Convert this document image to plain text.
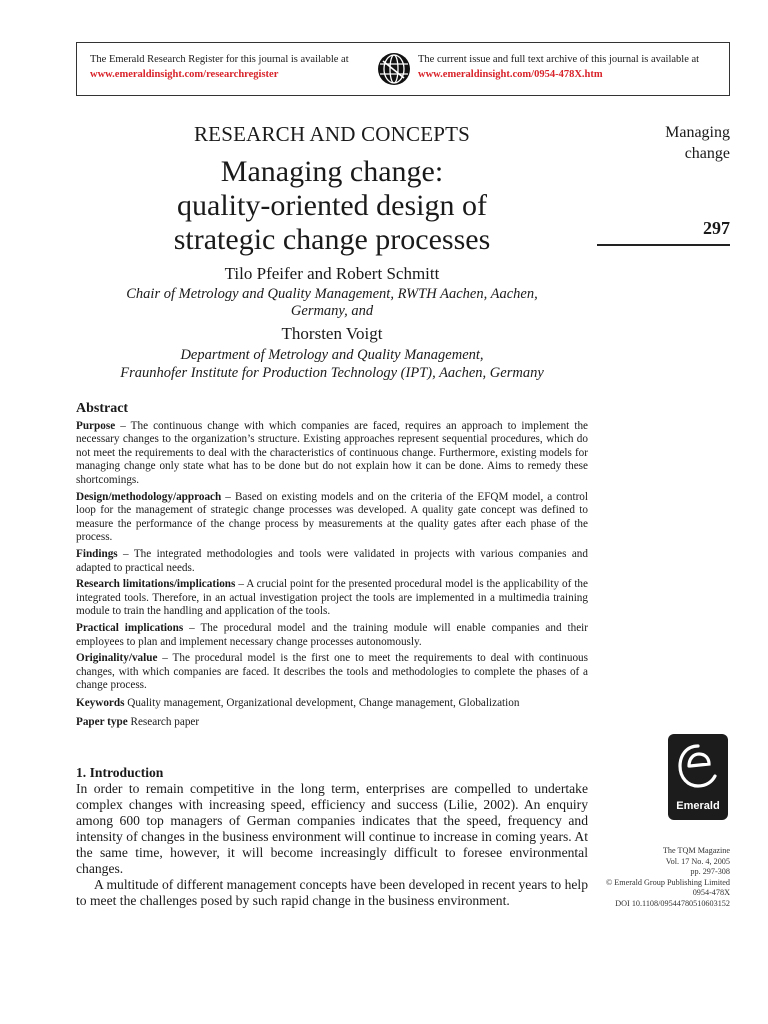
The Emerald Research Register for this journal is available at
www.emeraldinsight.com/researchregister
The current issue and full text archive of this journal is available at
www.emeraldinsight.com/0954-478X.htm
RESEARCH AND CONCEPTS
Managing change:
quality-oriented design of
strategic change processes
Tilo Pfeifer and Robert Schmitt
Chair of Metrology and Quality Management, RWTH Aachen, Aachen,
Germany, and
Thorsten Voigt
Department of Metrology and Quality Management,
Fraunhofer Institute for Production Technology (IPT), Aachen, Germany
Managing
change
297
Abstract

Purpose – The continuous change with which companies are faced, requires an approach to implement the necessary changes to the organization’s structure. Existing approaches represent sequential procedures, which do not meet the requirements to deal with the characteristics of continuous change. Furthermore, existing models for managing change only state what has to be done but do not explain how it can be done. Aims to remedy these shortcomings.

Design/methodology/approach – Based on existing models and on the criteria of the EFQM model, a control loop for the management of strategic change processes was developed. A quality gate concept was defined to measure the performance of the change process by measurements at the quality gates after each phase of the process.

Findings – The integrated methodologies and tools were validated in projects with various companies and adapted to practical needs.

Research limitations/implications – A crucial point for the presented procedural model is the applicability of the integrated tools. Therefore, in an actual investigation project the tools are implemented in a multimedia training module to train the handling and application of the tools.

Practical implications – The procedural model and the training module will enable companies and their employees to plan and implement necessary change processes autonomously.

Originality/value – The procedural model is the first one to meet the requirements to deal with continuous changes, with which companies are faced. It describes the tools and methodologies to complete the phases of a change process.

Keywords Quality management, Organizational development, Change management, Globalization

Paper type Research paper

1. Introduction

In order to remain competitive in the long term, enterprises are compelled to undertake complex changes with increasing speed, efficiency and success (Lilie, 2002). An enquiry among 600 top managers of German companies indicates that the speed, frequency and intensity of changes in the business environment will continue to increase in coming years. At the same time, however, it will become increasingly difficult to foresee environmental changes.

A multitude of different management concepts have been developed in recent years to help to meet the challenges posed by such rapid change in the business environment.

Emerald
The TQM Magazine
Vol. 17 No. 4, 2005
pp. 297-308
© Emerald Group Publishing Limited
0954-478X
DOI 10.1108/09544780510603152
